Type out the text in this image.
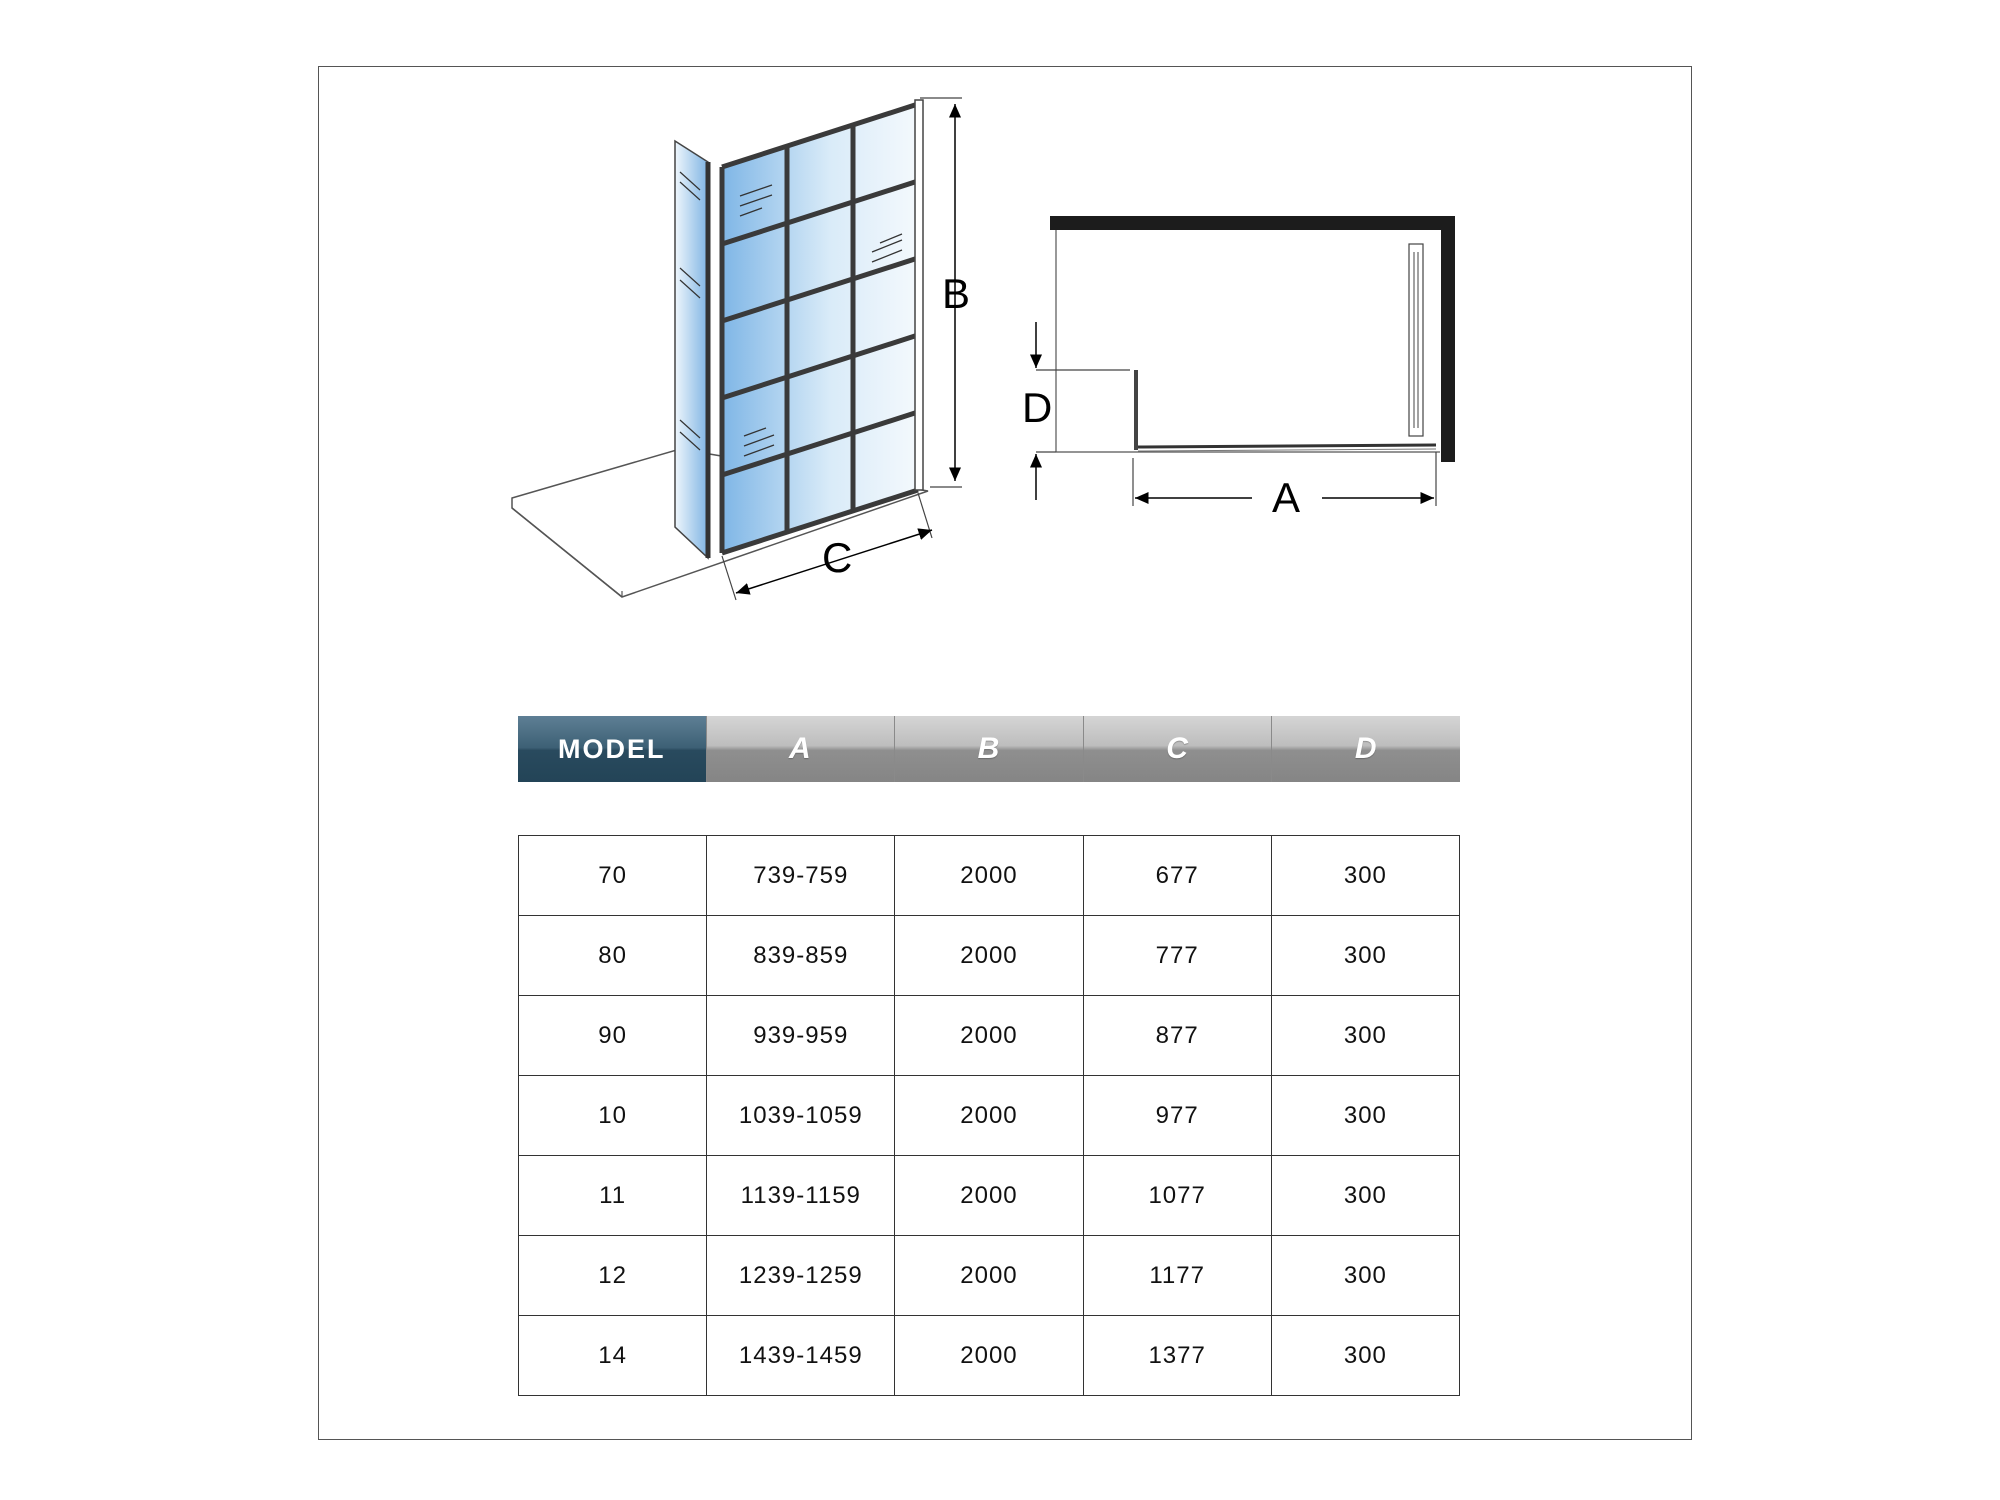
B
C
D
A
MODEL	A	B	C	D
70	739-759	2000	677	300
80	839-859	2000	777	300
90	939-959	2000	877	300
10	1039-1059	2000	977	300
11	1139-1159	2000	1077	300
12	1239-1259	2000	1177	300
14	1439-1459	2000	1377	300
